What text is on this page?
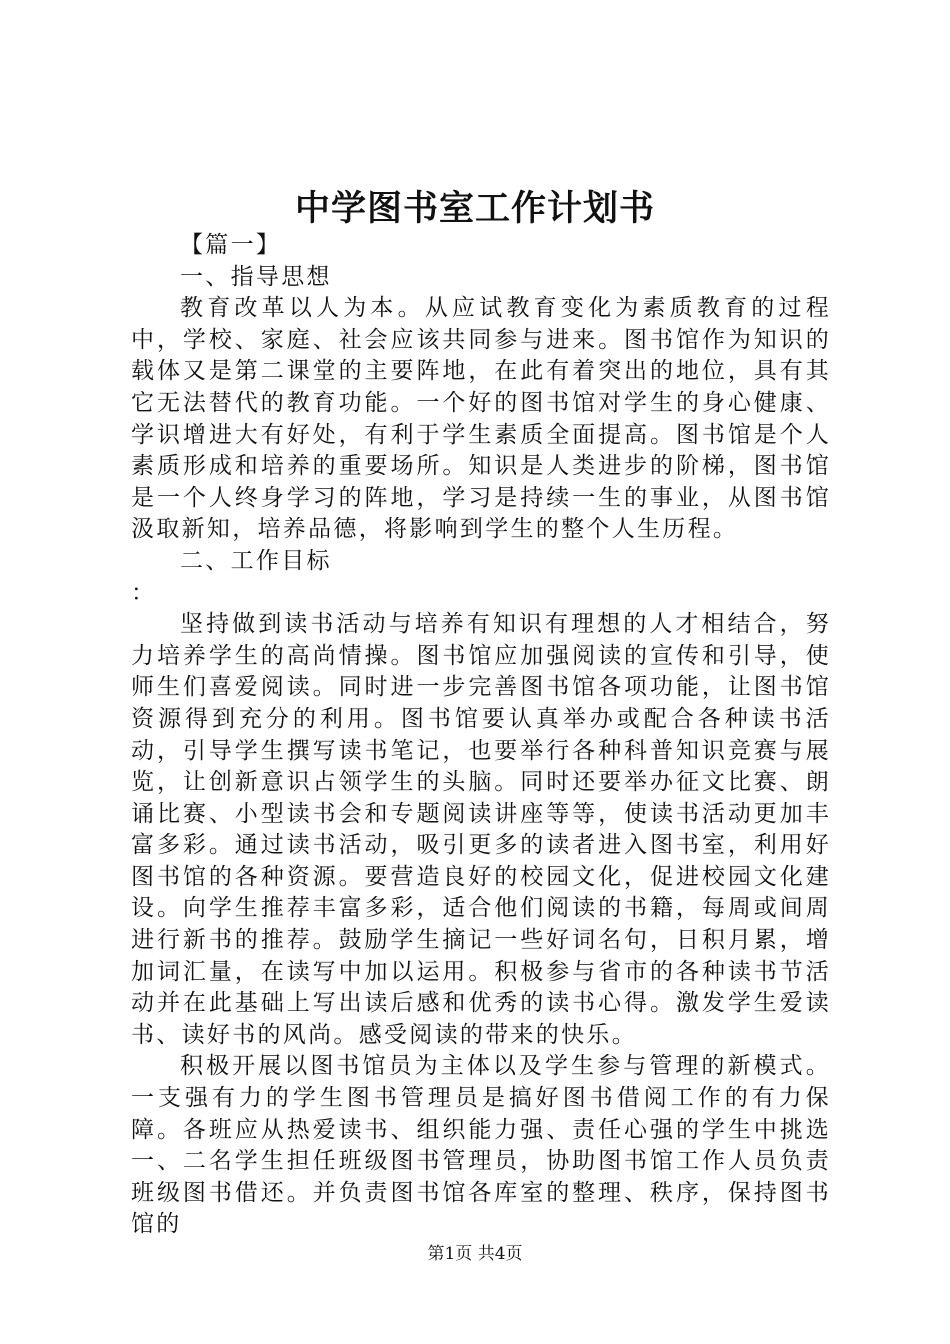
中学图书室工作计划书

【篇一】

一、指导思想

教育改革以人为本。从应试教育变化为素质教育的过程中，学校、家庭、社会应该共同参与进来。图书馆作为知识的载体又是第二课堂的主要阵地，在此有着突出的地位，具有其它无法替代的教育功能。一个好的图书馆对学生的身心健康、学识增进大有好处，有利于学生素质全面提高。图书馆是个人素质形成和培养的重要场所。知识是人类进步的阶梯，图书馆是一个人终身学习的阵地，学习是持续一生的事业，从图书馆汲取新知，培养品德，将影响到学生的整个人生历程。

二、工作目标

：

坚持做到读书活动与培养有知识有理想的人才相结合，努力培养学生的高尚情操。图书馆应加强阅读的宣传和引导，使师生们喜爱阅读。同时进一步完善图书馆各项功能，让图书馆资源得到充分的利用。图书馆要认真举办或配合各种读书活动，引导学生撰写读书笔记，也要举行各种科普知识竞赛与展览，让创新意识占领学生的头脑。同时还要举办征文比赛、朗诵比赛、小型读书会和专题阅读讲座等等，使读书活动更加丰富多彩。通过读书活动，吸引更多的读者进入图书室，利用好图书馆的各种资源。要营造良好的校园文化，促进校园文化建设。向学生推荐丰富多彩，适合他们阅读的书籍，每周或间周进行新书的推荐。鼓励学生摘记一些好词名句，日积月累，增加词汇量，在读写中加以运用。积极参与省市的各种读书节活动并在此基础上写出读后感和优秀的读书心得。激发学生爱读书、读好书的风尚。感受阅读的带来的快乐。

积极开展以图书馆员为主体以及学生参与管理的新模式。一支强有力的学生图书管理员是搞好图书借阅工作的有力保障。各班应从热爱读书、组织能力强、责任心强的学生中挑选一、二名学生担任班级图书管理员，协助图书馆工作人员负责班级图书借还。并负责图书馆各库室的整理、秩序，保持图书馆的

第1页 共4页
